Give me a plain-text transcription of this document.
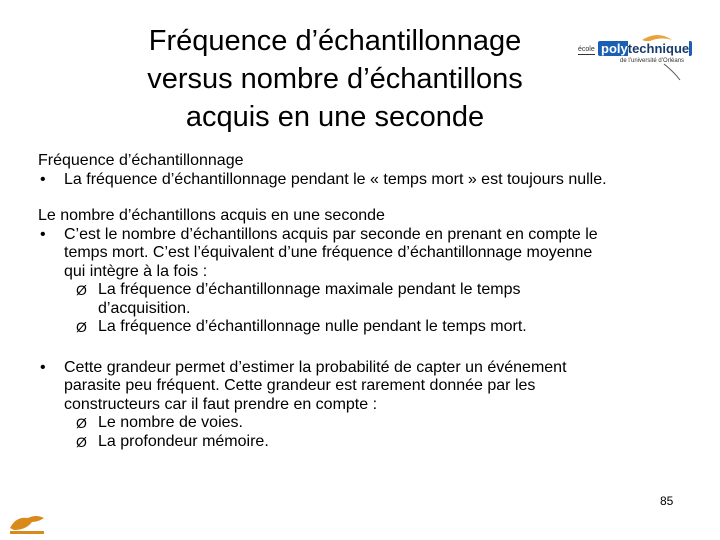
Fréquence d’échantillonnage
versus nombre d’échantillons
acquis en une seconde
école polytechnique
de l’université d’Orléans

Fréquence d’échantillonnage

• La fréquence d’échantillonnage pendant le « temps mort » est toujours nulle.

Le nombre d’échantillons acquis en une seconde

• C’est le nombre d’échantillons acquis par seconde en prenant en compte le
temps mort. C’est l’équivalent d’une fréquence d’échantillonnage moyenne
qui intègre à la fois :
Ø La fréquence d’échantillonnage maximale pendant le temps
d’acquisition.
Ø La fréquence d’échantillonnage nulle pendant le temps mort.
• Cette grandeur permet d’estimer la probabilité de capter un événement
parasite peu fréquent. Cette grandeur est rarement donnée par les
constructeurs car il faut prendre en compte :
Ø Le nombre de voies.
Ø La profondeur mémoire.
85
